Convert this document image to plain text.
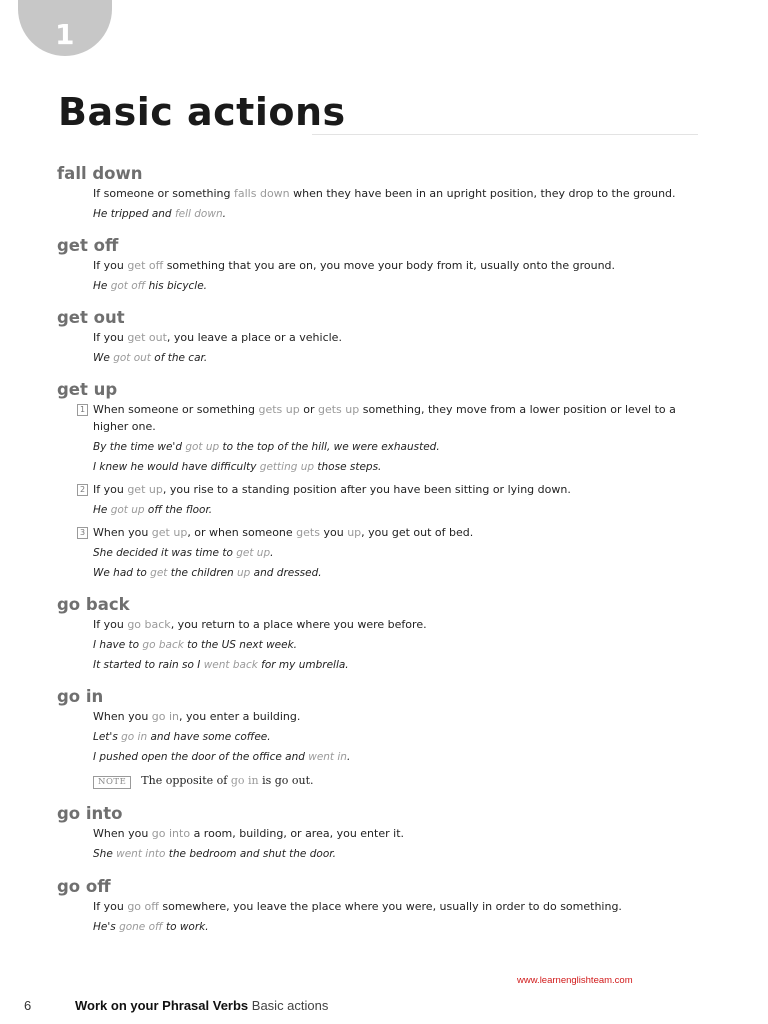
1
Basic actions

fall down

If someone or something falls down when they have been in an upright position, they drop to the ground.

He tripped and fell down.

get off

If you get off something that you are on, you move your body from it, usually onto the ground.

He got off his bicycle.

get out

If you get out, you leave a place or a vehicle.

We got out of the car.

get up

1 When someone or something gets up or gets up something, they move from a lower position or level to a higher one.

By the time we'd got up to the top of the hill, we were exhausted.

I knew he would have difficulty getting up those steps.

2 If you get up, you rise to a standing position after you have been sitting or lying down.

He got up off the floor.

3 When you get up, or when someone gets you up, you get out of bed.

She decided it was time to get up.

We had to get the children up and dressed.

go back

If you go back, you return to a place where you were before.

I have to go back to the US next week.

It started to rain so I went back for my umbrella.

go in

When you go in, you enter a building.

Let's go in and have some coffee.

I pushed open the door of the office and went in.

NOTE The opposite of go in is go out.

go into

When you go into a room, building, or area, you enter it.

She went into the bedroom and shut the door.

go off

If you go off somewhere, you leave the place where you were, usually in order to do something.

He's gone off to work.

www.learnenglishteam.com
6	Work on your Phrasal Verbs Basic actions
